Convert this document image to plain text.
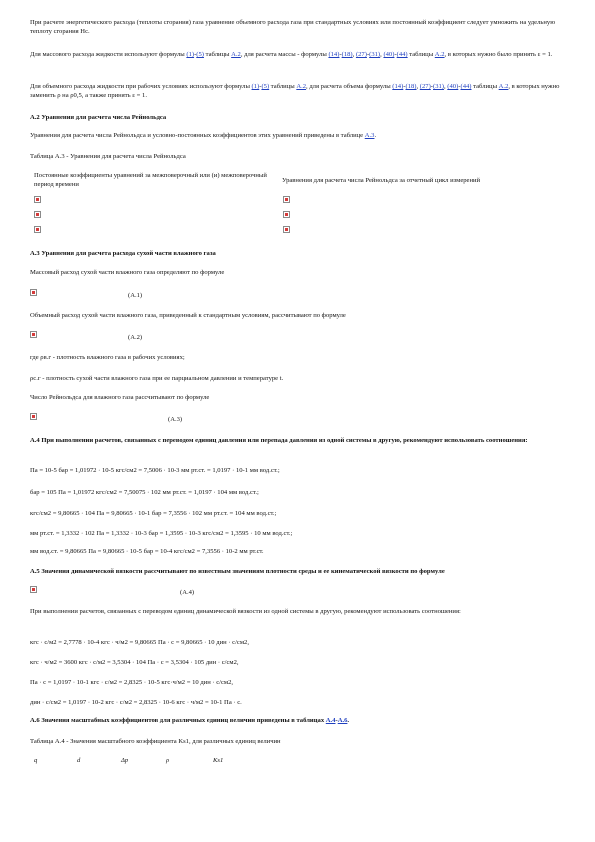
При расчете энергетического расхода (теплоты сгорания) газа уравнение объемного расхода газа при стандартных условиях или постоянный коэффициент следует умножить на удельную теплоту сгорания Hc.

Для массового расхода жидкости используют формулы (1)-(5) таблицы А.2, для расчета массы - формулы (14)-(18), (27)-(31), (40)-(44) таблицы А.2, в которых нужно было принять ε = 1.

Для объемного расхода жидкости при рабочих условиях используют формулы (1)-(5) таблицы А.2, для расчета объема формулы (14)-(18), (27)-(31), (40)-(44) таблицы А.2, в которых нужно заменить ρ на ρ0,5, а также принять ε = 1.

А.2 Уравнения для расчета числа Рейнольдса

Уравнения для расчета числа Рейнольдса и условно-постоянных коэффициентов этих уравнений приведены в таблице А.3.

Таблица А.3 - Уравнения для расчета числа Рейнольдса

Постоянные коэффициенты уравнений за межповерочный или (и) межповерочный период времени	Уравнения для расчета числа Рейнольдса за отчетный цикл измерений

А.3 Уравнения для расчета расхода сухой части влажного газа

Массовый расход сухой части влажного газа определяют по формуле

(А.1)

Объемный расход сухой части влажного газа, приведенный к стандартным условиям, рассчитывают по формуле

(А.2)

где ρв.г - плотность влажного газа в рабочих условиях;

ρс.г - плотность сухой части влажного газа при ее парциальном давлении и температуре t.

Число Рейнольдса для влажного газа рассчитывают по формуле

(А.3)

А.4 При выполнении расчетов, связанных с переводом единиц давления или перепада давления из одной системы в другую, рекомендуют использовать соотношения:

Па = 10-5 бар = 1,01972 · 10-5 кгс/см2 = 7,5006 · 10-3 мм рт.ст. = 1,0197 · 10-1 мм вод.ст.;

бар = 105 Па = 1,01972 кгс/см2 = 7,50075 · 102 мм рт.ст. = 1,0197 · 104 мм вод.ст.;

кгс/см2 = 9,80665 · 104 Па = 9,80665 · 10-1 бар = 7,3556 · 102 мм рт.ст. = 104 мм вод.ст.;

мм рт.ст. = 1,3332 · 102 Па = 1,3332 · 10-3 бар = 1,3595 · 10-3 кгс/см2 = 1,3595 · 10 мм вод.ст.;

мм вод.ст. = 9,80665 Па = 9,80665 · 10-5 бар = 10-4 кгс/см2 = 7,3556 · 10-2 мм рт.ст.

А.5 Значения динамической вязкости рассчитывают по известным значениям плотности среды и ее кинематической вязкости по формуле

(А.4)

При выполнении расчетов, связанных с переводом единиц динамической вязкости из одной системы в другую, рекомендуют использовать соотношения:

кгс · с/м2 = 2,7778 · 10-4 кгс · ч/м2 = 9,80665 Па · с = 9,80665 · 10 дин · с/см2,

кгс · ч/м2 = 3600 кгс · с/м2 = 3,5304 · 104 Па · с = 3,5304 · 105 дин · с/см2,

Па · с = 1,0197 · 10-1 кгс · с/м2 = 2,8325 · 10-5 кгс·ч/м2 = 10 дин · с/см2,

дин · с/см2 = 1,0197 · 10-2 кгс · с/м2 = 2,8325 · 10-6 кгс · ч/м2 = 10-1 Па · с.

А.6 Значения масштабных коэффициентов для различных единиц величин приведены в таблицах А.4-А.6.

Таблица А.4 - Значения масштабного коэффициента Ks1, для различных единиц величин

q	d	Δp	ρ	Ks1
